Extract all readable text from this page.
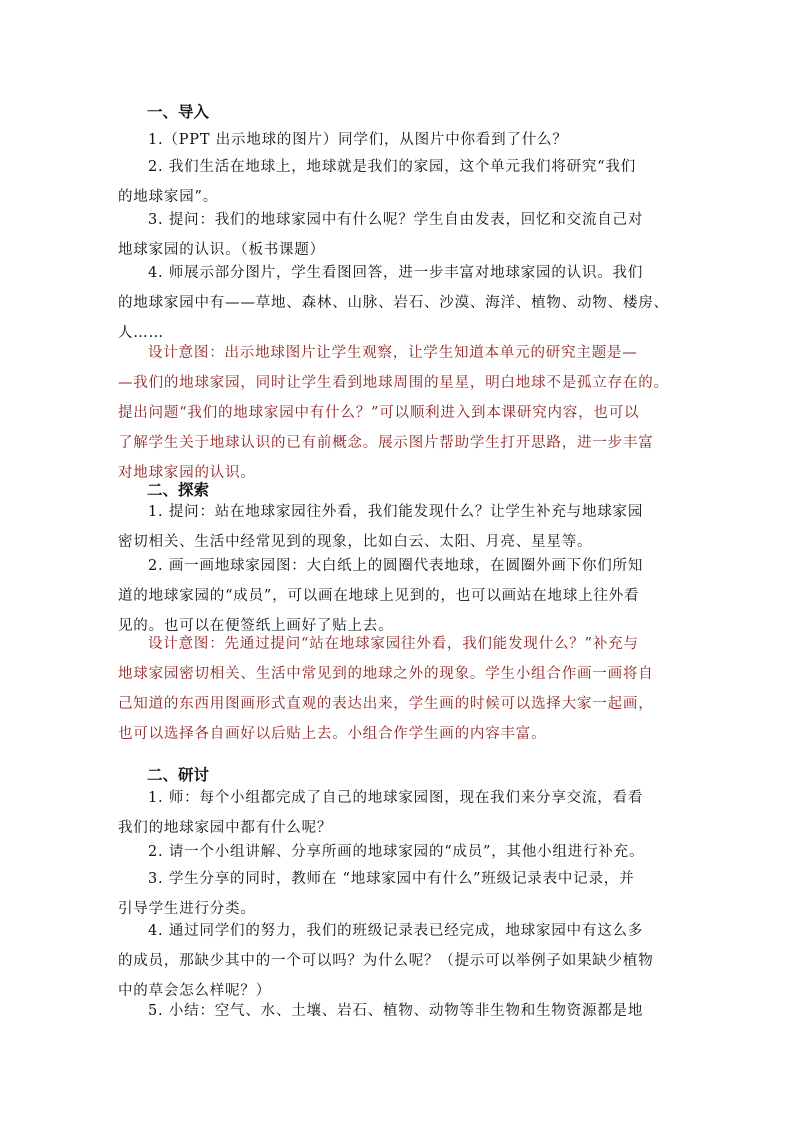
一、导入
1.（PPT 出示地球的图片）同学们，从图片中你看到了什么？
2. 我们生活在地球上，地球就是我们的家园，这个单元我们将研究“我们
的地球家园”。
3. 提问：我们的地球家园中有什么呢？学生自由发表，回忆和交流自己对
地球家园的认识。（板书课题）
4. 师展示部分图片，学生看图回答，进一步丰富对地球家园的认识。我们
的地球家园中有——草地、森林、山脉、岩石、沙漠、海洋、植物、动物、楼房、
人……
设计意图：出示地球图片让学生观察，让学生知道本单元的研究主题是—
—我们的地球家园，同时让学生看到地球周围的星星，明白地球不是孤立存在的。
提出问题“我们的地球家园中有什么？”可以顺利进入到本课研究内容，也可以
了解学生关于地球认识的已有前概念。展示图片帮助学生打开思路，进一步丰富
对地球家园的认识。
二、探索
1. 提问：站在地球家园往外看，我们能发现什么？让学生补充与地球家园
密切相关、生活中经常见到的现象，比如白云、太阳、月亮、星星等。
2. 画一画地球家园图：大白纸上的圆圈代表地球，在圆圈外画下你们所知
道的地球家园的“成员”，可以画在地球上见到的，也可以画站在地球上往外看
见的。也可以在便签纸上画好了贴上去。
设计意图：先通过提问“站在地球家园往外看，我们能发现什么？”补充与
地球家园密切相关、生活中常见到的地球之外的现象。学生小组合作画一画将自
己知道的东西用图画形式直观的表达出来，学生画的时候可以选择大家一起画，
也可以选择各自画好以后贴上去。小组合作学生画的内容丰富。
二、研讨
1. 师：每个小组都完成了自己的地球家园图，现在我们来分享交流，看看
我们的地球家园中都有什么呢？
2. 请一个小组讲解、分享所画的地球家园的“成员”，其他小组进行补充。
3. 学生分享的同时，教师在 “地球家园中有什么”班级记录表中记录，并
引导学生进行分类。
4. 通过同学们的努力，我们的班级记录表已经完成，地球家园中有这么多
的成员，那缺少其中的一个可以吗？为什么呢？（提示可以举例子如果缺少植物
中的草会怎么样呢？）
5. 小结：空气、水、土壤、岩石、植物、动物等非生物和生物资源都是地
